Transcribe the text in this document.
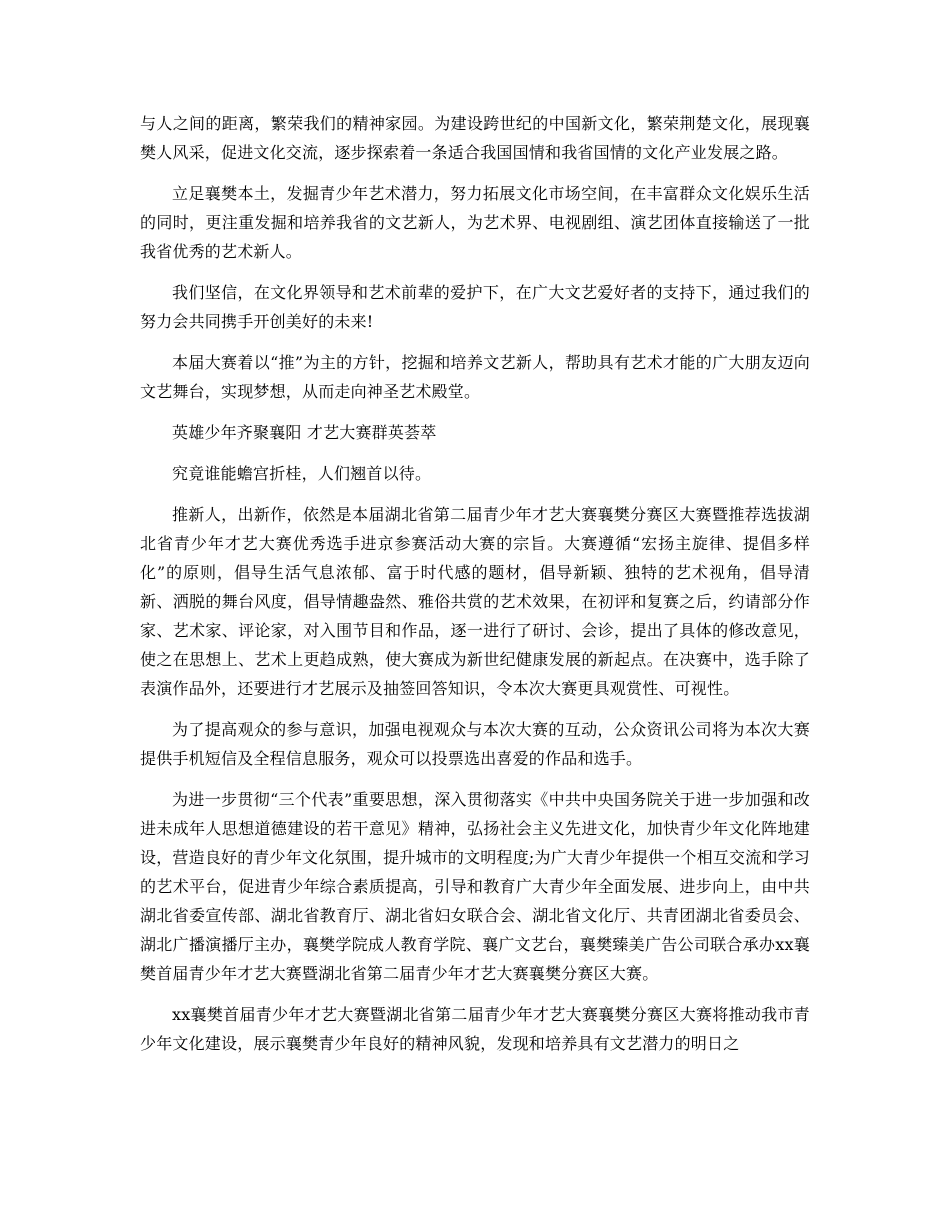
与人之间的距离，繁荣我们的精神家园。为建设跨世纪的中国新文化，繁荣荆楚文化，展现襄樊人风采，促进文化交流，逐步探索着一条适合我国国情和我省国情的文化产业发展之路。

立足襄樊本土，发掘青少年艺术潜力，努力拓展文化市场空间，在丰富群众文化娱乐生活的同时，更注重发掘和培养我省的文艺新人，为艺术界、电视剧组、演艺团体直接输送了一批我省优秀的艺术新人。

我们坚信，在文化界领导和艺术前辈的爱护下，在广大文艺爱好者的支持下，通过我们的努力会共同携手开创美好的未来!

本届大赛着以“推”为主的方针，挖掘和培养文艺新人，帮助具有艺术才能的广大朋友迈向文艺舞台，实现梦想，从而走向神圣艺术殿堂。

英雄少年齐聚襄阳 才艺大赛群英荟萃

究竟谁能蟾宫折桂，人们翘首以待。

推新人，出新作，依然是本届湖北省第二届青少年才艺大赛襄樊分赛区大赛暨推荐选拔湖北省青少年才艺大赛优秀选手进京参赛活动大赛的宗旨。大赛遵循“宏扬主旋律、提倡多样化”的原则，倡导生活气息浓郁、富于时代感的题材，倡导新颖、独特的艺术视角，倡导清新、洒脱的舞台风度，倡导情趣盎然、雅俗共赏的艺术效果，在初评和复赛之后，约请部分作家、艺术家、评论家，对入围节目和作品，逐一进行了研讨、会诊，提出了具体的修改意见，使之在思想上、艺术上更趋成熟，使大赛成为新世纪健康发展的新起点。在决赛中，选手除了表演作品外，还要进行才艺展示及抽签回答知识，令本次大赛更具观赏性、可视性。

为了提高观众的参与意识，加强电视观众与本次大赛的互动，公众资讯公司将为本次大赛提供手机短信及全程信息服务，观众可以投票选出喜爱的作品和选手。

为进一步贯彻“三个代表”重要思想，深入贯彻落实《中共中央国务院关于进一步加强和改进未成年人思想道德建设的若干意见》精神，弘扬社会主义先进文化，加快青少年文化阵地建设，营造良好的青少年文化氛围，提升城市的文明程度;为广大青少年提供一个相互交流和学习的艺术平台，促进青少年综合素质提高，引导和教育广大青少年全面发展、进步向上，由中共湖北省委宣传部、湖北省教育厅、湖北省妇女联合会、湖北省文化厅、共青团湖北省委员会、湖北广播演播厅主办，襄樊学院成人教育学院、襄广文艺台，襄樊臻美广告公司联合承办xx襄樊首届青少年才艺大赛暨湖北省第二届青少年才艺大赛襄樊分赛区大赛。

xx襄樊首届青少年才艺大赛暨湖北省第二届青少年才艺大赛襄樊分赛区大赛将推动我市青少年文化建设，展示襄樊青少年良好的精神风貌，发现和培养具有文艺潜力的明日之
